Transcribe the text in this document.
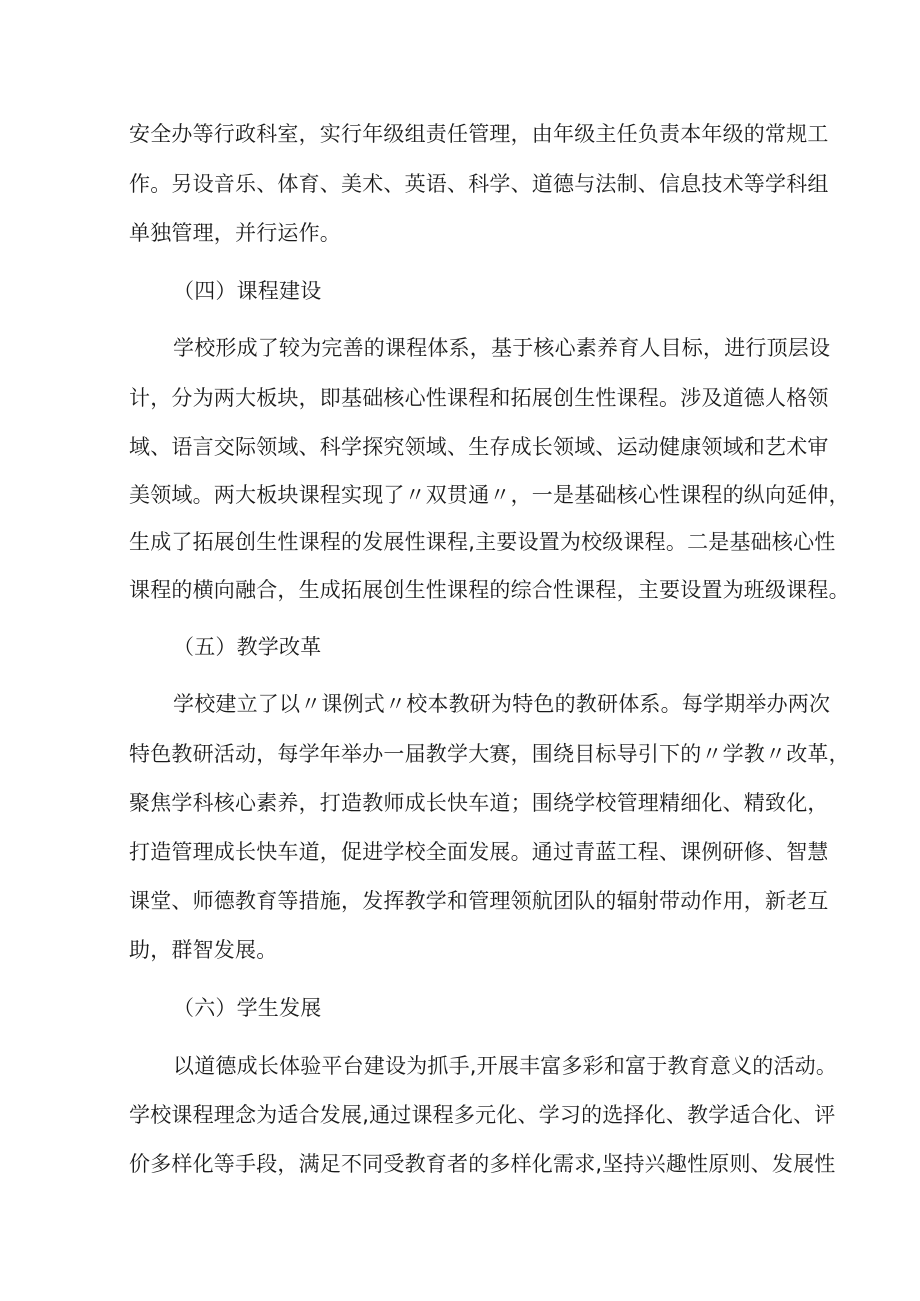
安全办等行政科室，实行年级组责任管理，由年级主任负责本年级的常规工

作。另设音乐、体育、美术、英语、科学、道德与法制、信息技术等学科组

单独管理，并行运作。

（四）课程建设

学校形成了较为完善的课程体系，基于核心素养育人目标，进行顶层设

计，分为两大板块，即基础核心性课程和拓展创生性课程。涉及道德人格领

域、语言交际领域、科学探究领域、生存成长领域、运动健康领域和艺术审

美领域。两大板块课程实现了〃双贯通〃，一是基础核心性课程的纵向延伸，

生成了拓展创生性课程的发展性课程,主要设置为校级课程。二是基础核心性

课程的横向融合，生成拓展创生性课程的综合性课程，主要设置为班级课程。

（五）教学改革

学校建立了以〃课例式〃校本教研为特色的教研体系。每学期举办两次

特色教研活动，每学年举办一届教学大赛，围绕目标导引下的〃学教〃改革，

聚焦学科核心素养，打造教师成长快车道；围绕学校管理精细化、精致化，

打造管理成长快车道，促进学校全面发展。通过青蓝工程、课例研修、智慧

课堂、师德教育等措施，发挥教学和管理领航团队的辐射带动作用，新老互

助，群智发展。

（六）学生发展

以道德成长体验平台建设为抓手,开展丰富多彩和富于教育意义的活动。

学校课程理念为适合发展,通过课程多元化、学习的选择化、教学适合化、评

价多样化等手段，满足不同受教育者的多样化需求,坚持兴趣性原则、发展性
